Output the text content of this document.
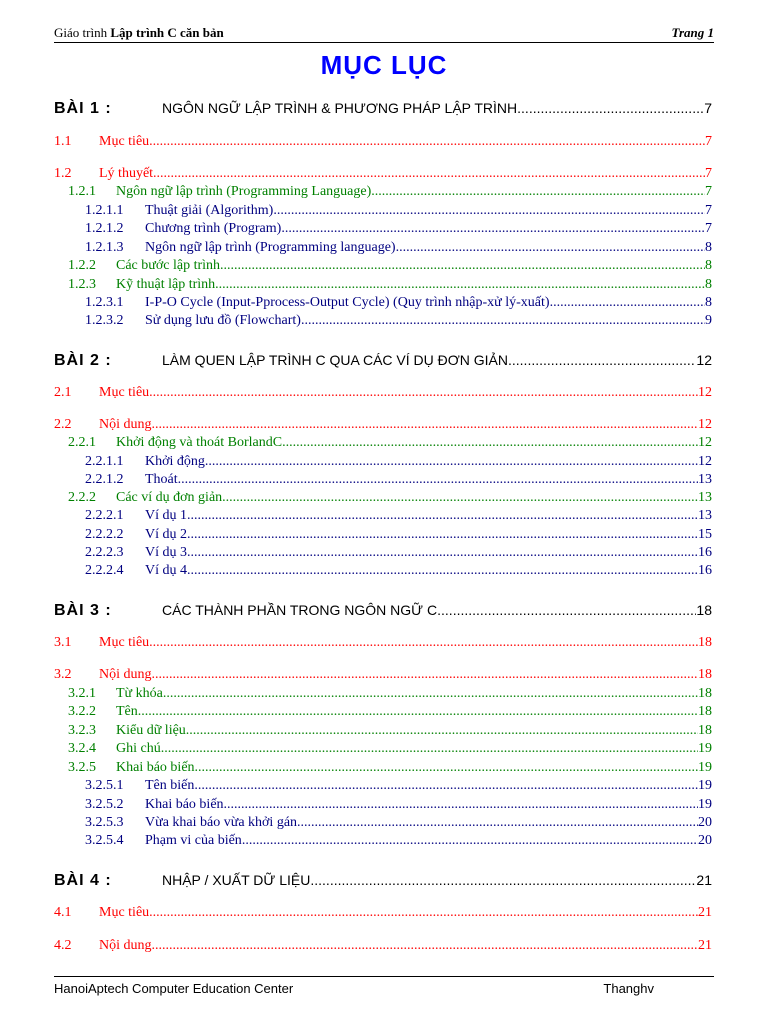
Giáo trình Lập trình C căn bản	Trang 1
MỤC LỤC
BÀI 1 :	NGÔN NGỮ LẬP TRÌNH & PHƯƠNG PHÁP LẬP TRÌNH .....	7
1.1	Mục tiêu .....	7
1.2	Lý thuyết .....	7
1.2.1	Ngôn ngữ lập trình (Programming Language) .....	7
1.2.1.1	Thuật giải (Algorithm) .....	7
1.2.1.2	Chương trình (Program) .....	7
1.2.1.3	Ngôn ngữ lập trình (Programming language) .....	8
1.2.2	Các bước lập trình .....	8
1.2.3	Kỹ thuật lập trình .....	8
1.2.3.1	I-P-O Cycle (Input-Pprocess-Output Cycle) (Quy trình nhập-xử lý-xuất) .....	8
1.2.3.2	Sử dụng lưu đồ (Flowchart) .....	9
BÀI 2 :	LÀM QUEN LẬP TRÌNH C QUA CÁC VÍ DỤ ĐƠN GIẢN .....	12
2.1	Mục tiêu .....	12
2.2	Nội dung .....	12
2.2.1	Khởi động và thoát BorlandC .....	12
2.2.1.1	Khởi động .....	12
2.2.1.2	Thoát .....	13
2.2.2	Các ví dụ đơn giản .....	13
2.2.2.1	Ví dụ 1 .....	13
2.2.2.2	Ví dụ 2 .....	15
2.2.2.3	Ví dụ 3 .....	16
2.2.2.4	Ví dụ 4 .....	16
BÀI 3 :	CÁC THÀNH PHẦN TRONG NGÔN NGỮ C .....	18
3.1	Mục tiêu .....	18
3.2	Nội dung .....	18
3.2.1	Từ khóa .....	18
3.2.2	Tên .....	18
3.2.3	Kiểu dữ liệu .....	18
3.2.4	Ghi chú .....	19
3.2.5	Khai báo biến .....	19
3.2.5.1	Tên biến .....	19
3.2.5.2	Khai báo biến .....	19
3.2.5.3	Vừa khai báo vừa khởi gán .....	20
3.2.5.4	Phạm vi của biến .....	20
BÀI 4 :	NHẬP / XUẤT DỮ LIỆU .....	21
4.1	Mục tiêu .....	21
4.2	Nội dung .....	21
HanoiAptech Computer Education Center	Thanghv
